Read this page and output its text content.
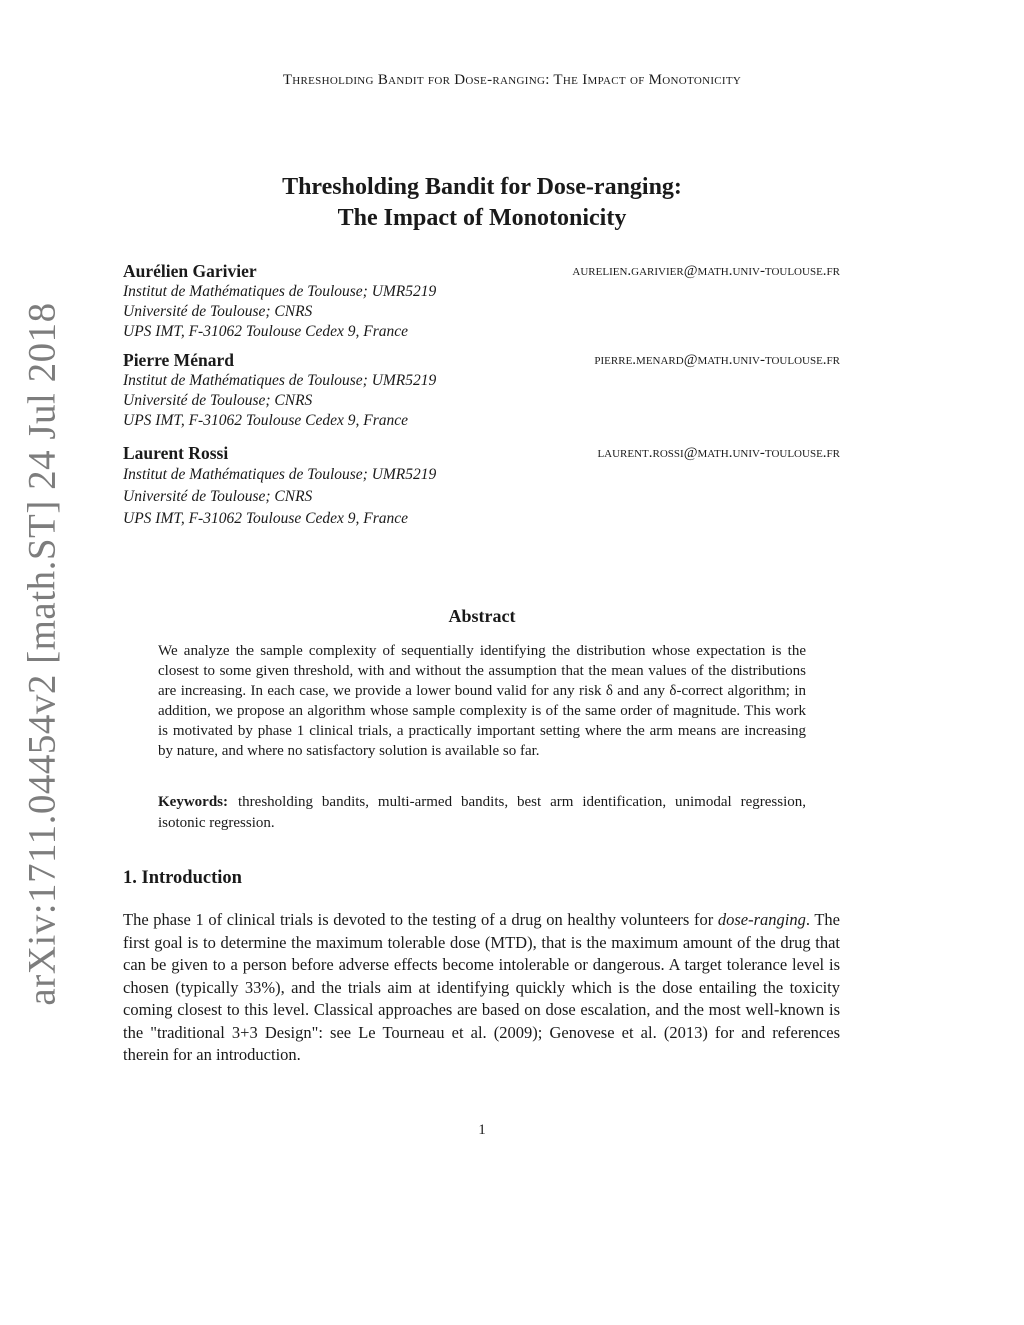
Thresholding Bandit for Dose-ranging: The Impact of Monotonicity
arXiv:1711.04454v2 [math.ST] 24 Jul 2018
Thresholding Bandit for Dose-ranging:
The Impact of Monotonicity
Aurélien Garivier	aurelien.garivier@math.univ-toulouse.fr
Institut de Mathématiques de Toulouse; UMR5219
Université de Toulouse; CNRS
UPS IMT, F-31062 Toulouse Cedex 9, France
Pierre Ménard	pierre.menard@math.univ-toulouse.fr
Institut de Mathématiques de Toulouse; UMR5219
Université de Toulouse; CNRS
UPS IMT, F-31062 Toulouse Cedex 9, France
Laurent Rossi	laurent.rossi@math.univ-toulouse.fr
Institut de Mathématiques de Toulouse; UMR5219
Université de Toulouse; CNRS
UPS IMT, F-31062 Toulouse Cedex 9, France
Abstract
We analyze the sample complexity of sequentially identifying the distribution whose expectation is the closest to some given threshold, with and without the assumption that the mean values of the distributions are increasing. In each case, we provide a lower bound valid for any risk δ and any δ-correct algorithm; in addition, we propose an algorithm whose sample complexity is of the same order of magnitude. This work is motivated by phase 1 clinical trials, a practically important setting where the arm means are increasing by nature, and where no satisfactory solution is available so far.
Keywords: thresholding bandits, multi-armed bandits, best arm identification, unimodal regression, isotonic regression.
1. Introduction
The phase 1 of clinical trials is devoted to the testing of a drug on healthy volunteers for dose-ranging. The first goal is to determine the maximum tolerable dose (MTD), that is the maximum amount of the drug that can be given to a person before adverse effects become intolerable or dangerous. A target tolerance level is chosen (typically 33%), and the trials aim at identifying quickly which is the dose entailing the toxicity coming closest to this level. Classical approaches are based on dose escalation, and the most well-known is the "traditional 3+3 Design": see Le Tourneau et al. (2009); Genovese et al. (2013) for and references therein for an introduction.
1
